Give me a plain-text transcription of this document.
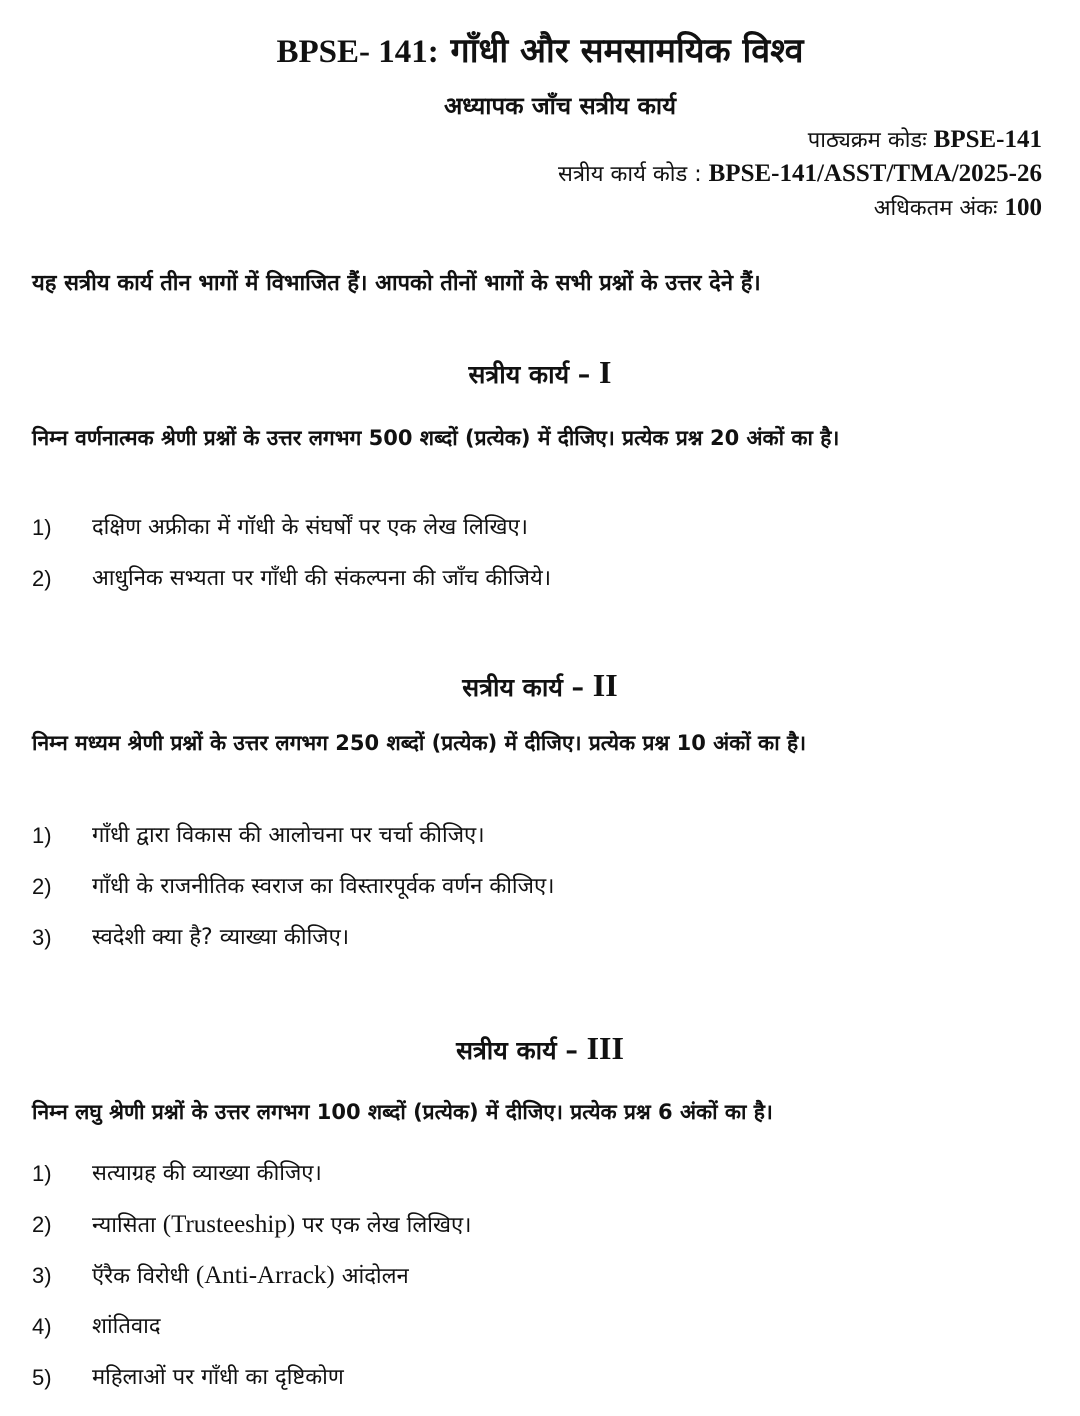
BPSE- 141: गाँधी और समसामयिक विश्व
अध्यापक जाँच सत्रीय कार्य
पाठ्यक्रम कोडः BPSE-141
सत्रीय कार्य कोड : BPSE-141/ASST/TMA/2025-26
अधिकतम अंकः 100
यह सत्रीय कार्य तीन भागों में विभाजित हैं। आपको तीनों भागों के सभी प्रश्नों के उत्तर देने हैं।
सत्रीय कार्य – I
निम्न वर्णनात्मक श्रेणी प्रश्नों के उत्तर लगभग 500 शब्दों (प्रत्येक) में दीजिए। प्रत्येक प्रश्न 20 अंकों का है।
1) दक्षिण अफ्रीका में गॉधी के संघर्षों पर एक लेख लिखिए।
2) आधुनिक सभ्यता पर गाँधी की संकल्पना की जाँच कीजिये।
सत्रीय कार्य – II
निम्न मध्यम श्रेणी प्रश्नों के उत्तर लगभग 250 शब्दों (प्रत्येक) में दीजिए। प्रत्येक प्रश्न 10 अंकों का है।
1) गाँधी द्वारा विकास की आलोचना पर चर्चा कीजिए।
2) गाँधी के राजनीतिक स्वराज का विस्तारपूर्वक वर्णन कीजिए।
3) स्वदेशी क्या है? व्याख्या कीजिए।
सत्रीय कार्य – III
निम्न लघु श्रेणी प्रश्नों के उत्तर लगभग 100 शब्दों (प्रत्येक) में दीजिए। प्रत्येक प्रश्न 6 अंकों का है।
1) सत्याग्रह की व्याख्या कीजिए।
2) न्यासिता (Trusteeship) पर एक लेख लिखिए।
3) ऍरैक विरोधी (Anti-Arrack) आंदोलन
4) शांतिवाद
5) महिलाओं पर गाँधी का दृष्टिकोण
